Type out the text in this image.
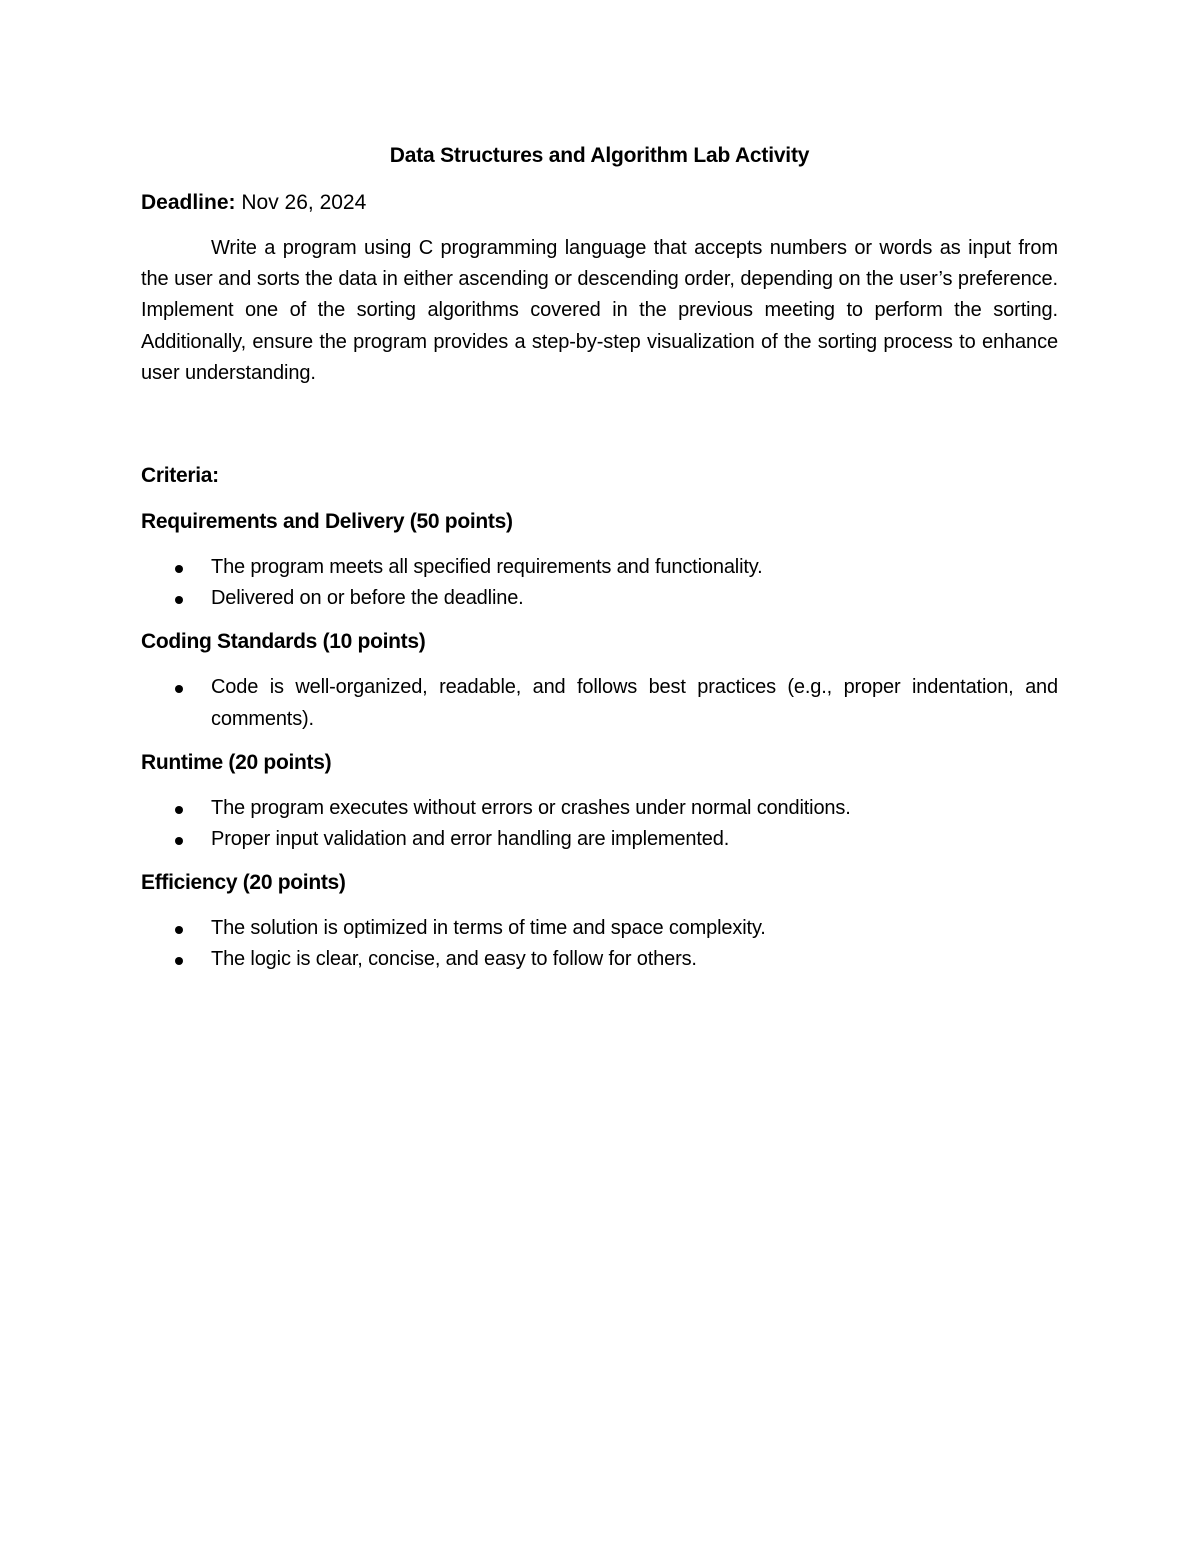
Data Structures and Algorithm Lab Activity
Deadline: Nov 26, 2024

Write a program using C programming language that accepts numbers or words as input from the user and sorts the data in either ascending or descending order, depending on the user’s preference. Implement one of the sorting algorithms covered in the previous meeting to perform the sorting. Additionally, ensure the program provides a step-by-step visualization of the sorting process to enhance user understanding.

Criteria:
Requirements and Delivery (50 points)
The program meets all specified requirements and functionality.
Delivered on or before the deadline.
Coding Standards (10 points)
Code is well-organized, readable, and follows best practices (e.g., proper indentation, and comments).
Runtime (20 points)
The program executes without errors or crashes under normal conditions.
Proper input validation and error handling are implemented.
Efficiency (20 points)
The solution is optimized in terms of time and space complexity.
The logic is clear, concise, and easy to follow for others.
